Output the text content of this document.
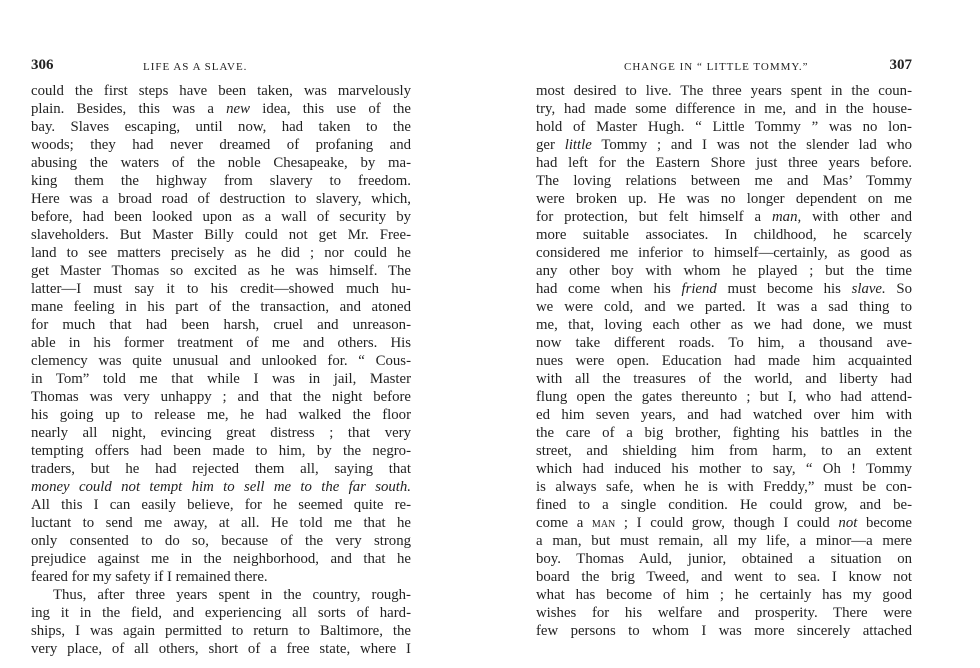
306	LIFE AS A SLAVE.
could the first steps have been taken, was marvelously
plain. Besides, this was a new idea, this use of the
bay. Slaves escaping, until now, had taken to the
woods; they had never dreamed of profaning and
abusing the waters of the noble Chesapeake, by ma-
king them the highway from slavery to freedom.
Here was a broad road of destruction to slavery, which,
before, had been looked upon as a wall of security by
slaveholders. But Master Billy could not get Mr. Free-
land to see matters precisely as he did ; nor could he
get Master Thomas so excited as he was himself. The
latter—I must say it to his credit—showed much hu-
mane feeling in his part of the transaction, and atoned
for much that had been harsh, cruel and unreason-
able in his former treatment of me and others. His
clemency was quite unusual and unlooked for. “ Cous-
in Tom” told me that while I was in jail, Master
Thomas was very unhappy ; and that the night before
his going up to release me, he had walked the floor
nearly all night, evincing great distress ; that very
tempting offers had been made to him, by the negro-
traders, but he had rejected them all, saying that
money could not tempt him to sell me to the far south.
All this I can easily believe, for he seemed quite re-
luctant to send me away, at all. He told me that he
only consented to do so, because of the very strong
prejudice against me in the neighborhood, and that he
feared for my safety if I remained there.
Thus, after three years spent in the country, rough-
ing it in the field, and experiencing all sorts of hard-
ships, I was again permitted to return to Baltimore, the
very place, of all others, short of a free state, where I
CHANGE IN “ LITTLE TOMMY.”	307
most desired to live. The three years spent in the coun-
try, had made some difference in me, and in the house-
hold of Master Hugh. “ Little Tommy ” was no lon-
ger little Tommy ; and I was not the slender lad who
had left for the Eastern Shore just three years before.
The loving relations between me and Mas’ Tommy
were broken up. He was no longer dependent on me
for protection, but felt himself a man, with other and
more suitable associates. In childhood, he scarcely
considered me inferior to himself—certainly, as good as
any other boy with whom he played ; but the time
had come when his friend must become his slave. So
we were cold, and we parted. It was a sad thing to
me, that, loving each other as we had done, we must
now take different roads. To him, a thousand ave-
nues were open. Education had made him acquainted
with all the treasures of the world, and liberty had
flung open the gates thereunto ; but I, who had attend-
ed him seven years, and had watched over him with
the care of a big brother, fighting his battles in the
street, and shielding him from harm, to an extent
which had induced his mother to say, “ Oh ! Tommy
is always safe, when he is with Freddy,” must be con-
fined to a single condition. He could grow, and be-
come a man ; I could grow, though I could not become
a man, but must remain, all my life, a minor—a mere
boy. Thomas Auld, junior, obtained a situation on
board the brig Tweed, and went to sea. I know not
what has become of him ; he certainly has my good
wishes for his welfare and prosperity. There were
few persons to whom I was more sincerely attached
